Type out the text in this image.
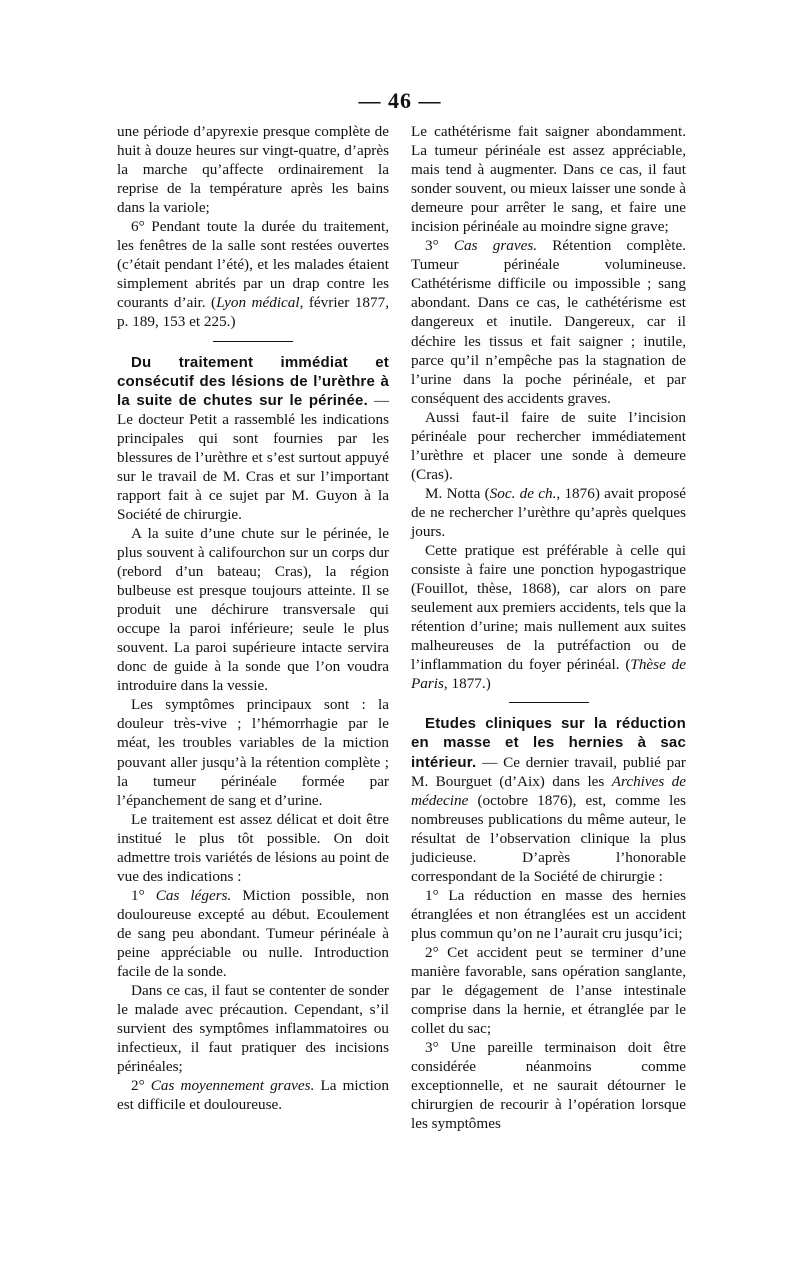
— 46 —

une période d’apyrexie presque complète de huit à douze heures sur vingt-quatre, d’après la marche qu’affecte ordinairement la reprise de la température après les bains dans la variole;

6° Pendant toute la durée du traitement, les fenêtres de la salle sont restées ouvertes (c’était pendant l’été), et les malades étaient simplement abrités par un drap contre les courants d’air. (Lyon médical, février 1877, p. 189, 153 et 225.)

Du traitement immédiat et consécutif des lésions de l’urèthre à la suite de chutes sur le périnée. — Le docteur Petit a rassemblé les indications principales qui sont fournies par les blessures de l’urèthre et s’est surtout appuyé sur le travail de M. Cras et sur l’important rapport fait à ce sujet par M. Guyon à la Société de chirurgie.

A la suite d’une chute sur le périnée, le plus souvent à califourchon sur un corps dur (rebord d’un bateau; Cras), la région bulbeuse est presque toujours atteinte. Il se produit une déchirure transversale qui occupe la paroi inférieure; seule le plus souvent. La paroi supérieure intacte servira donc de guide à la sonde que l’on voudra introduire dans la vessie.

Les symptômes principaux sont : la douleur très-vive ; l’hémorrhagie par le méat, les troubles variables de la miction pouvant aller jusqu’à la rétention complète ; la tumeur périnéale formée par l’épanchement de sang et d’urine.

Le traitement est assez délicat et doit être institué le plus tôt possible. On doit admettre trois variétés de lésions au point de vue des indications :

1° Cas légers. Miction possible, non douloureuse excepté au début. Ecoulement de sang peu abondant. Tumeur périnéale à peine appréciable ou nulle. Introduction facile de la sonde.

Dans ce cas, il faut se contenter de sonder le malade avec précaution. Cependant, s’il survient des symptômes inflammatoires ou infectieux, il faut pratiquer des incisions périnéales;

2° Cas moyennement graves. La miction est difficile et douloureuse.

Le cathétérisme fait saigner abondamment. La tumeur périnéale est assez appréciable, mais tend à augmenter. Dans ce cas, il faut sonder souvent, ou mieux laisser une sonde à demeure pour arrêter le sang, et faire une incision périnéale au moindre signe grave;

3° Cas graves. Rétention complète. Tumeur périnéale volumineuse. Cathétérisme difficile ou impossible ; sang abondant. Dans ce cas, le cathétérisme est dangereux et inutile. Dangereux, car il déchire les tissus et fait saigner ; inutile, parce qu’il n’empêche pas la stagnation de l’urine dans la poche périnéale, et par conséquent des accidents graves.

Aussi faut-il faire de suite l’incision périnéale pour rechercher immédiatement l’urèthre et placer une sonde à demeure (Cras).

M. Notta (Soc. de ch., 1876) avait proposé de ne rechercher l’urèthre qu’après quelques jours.

Cette pratique est préférable à celle qui consiste à faire une ponction hypogastrique (Fouillot, thèse, 1868), car alors on pare seulement aux premiers accidents, tels que la rétention d’urine; mais nullement aux suites malheureuses de la putréfaction ou de l’inflammation du foyer périnéal. (Thèse de Paris, 1877.)

Etudes cliniques sur la réduction en masse et les hernies à sac intérieur. — Ce dernier travail, publié par M. Bourguet (d’Aix) dans les Archives de médecine (octobre 1876), est, comme les nombreuses publications du même auteur, le résultat de l’observation clinique la plus judicieuse. D’après l’honorable correspondant de la Société de chirurgie :

1° La réduction en masse des hernies étranglées et non étranglées est un accident plus commun qu’on ne l’aurait cru jusqu’ici;

2° Cet accident peut se terminer d’une manière favorable, sans opération sanglante, par le dégagement de l’anse intestinale comprise dans la hernie, et étranglée par le collet du sac;

3° Une pareille terminaison doit être considérée néanmoins comme exceptionnelle, et ne saurait détourner le chirurgien de recourir à l’opération lorsque les symptômes
